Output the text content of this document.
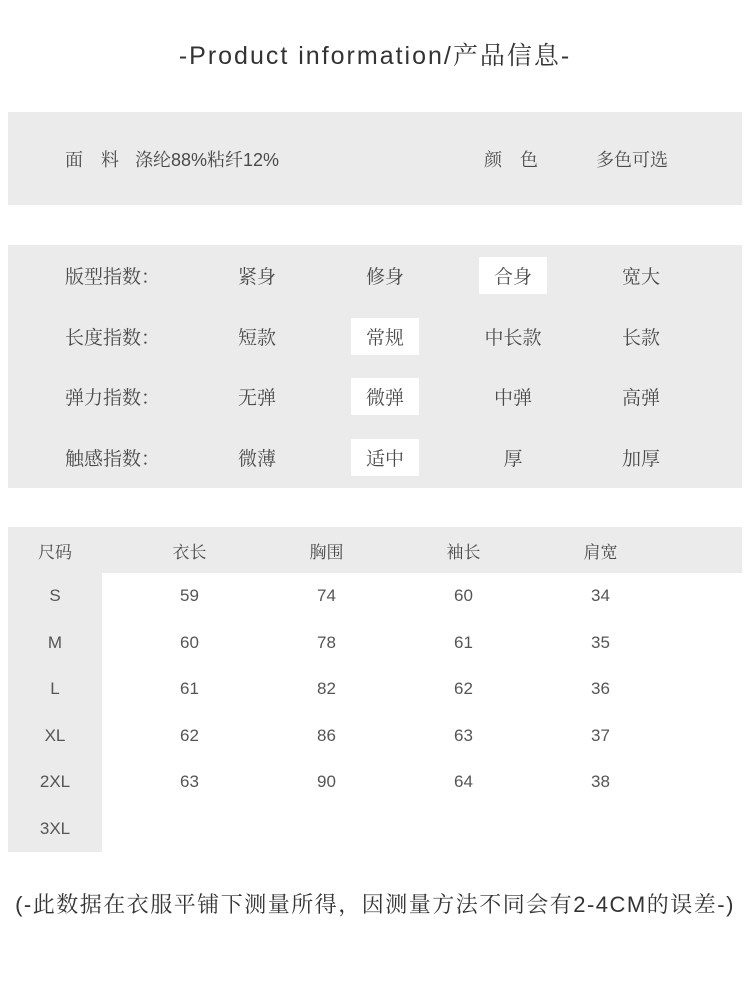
-Product information/产品信息-
面　料 涤纶88%粘纤12%	颜　色	多色可选
版型指数：	紧身	修身	合身	宽大
长度指数：	短款	常规	中长款	长款
弹力指数：	无弹	微弹	中弹	高弹
触感指数：	微薄	适中	厚	加厚
尺码	衣长	胸围	袖长	肩宽
S	59	74	60	34
M	60	78	61	35
L	61	82	62	36
XL	62	86	63	37
2XL	63	90	64	38
3XL
(-此数据在衣服平铺下测量所得，因测量方法不同会有2-4CM的误差-)
